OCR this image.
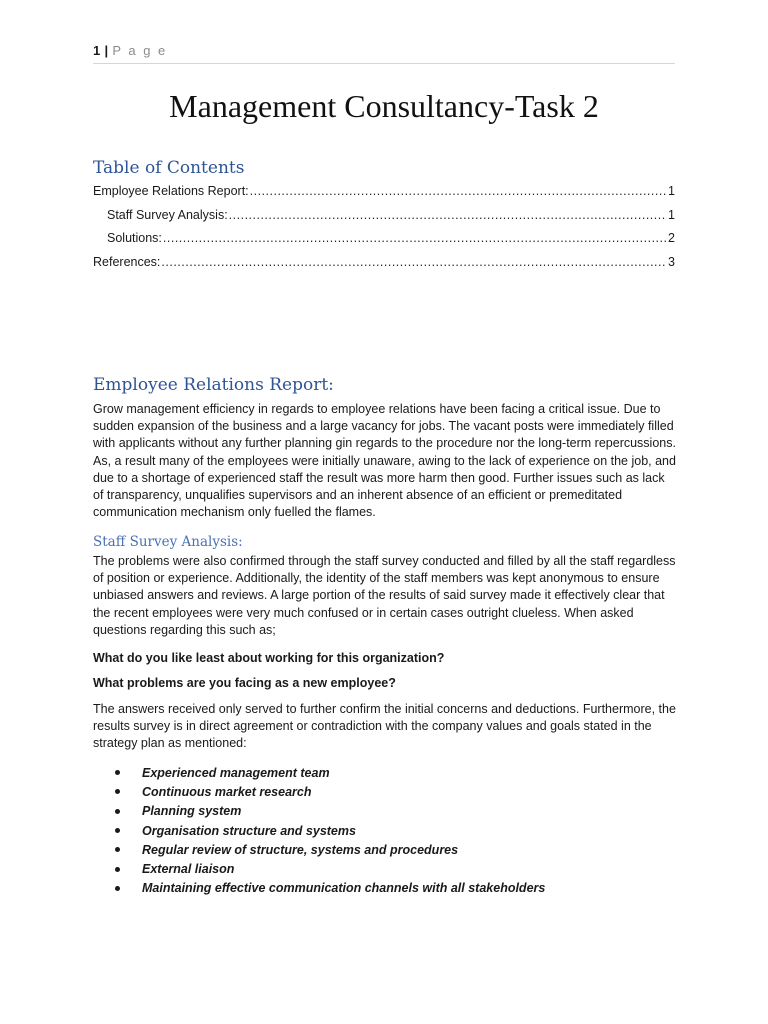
1 | P a g e
Management Consultancy-Task 2
Table of Contents
Employee Relations Report: .....	1
Staff Survey Analysis: .....	1
Solutions: .....	2
References: .....	3
Employee Relations Report:
Grow management efficiency in regards to employee relations have been facing a critical issue. Due to sudden expansion of the business and a large vacancy for jobs. The vacant posts were immediately filled with applicants without any further planning gin regards to the procedure nor the long-term repercussions. As, a result many of the employees were initially unaware, awing to the lack of experience on the job, and due to a shortage of experienced staff the result was more harm then good. Further issues such as lack of transparency, unqualifies supervisors and an inherent absence of an efficient or premeditated communication mechanism only fuelled the flames.
Staff Survey Analysis:
The problems were also confirmed through the staff survey conducted and filled by all the staff regardless of position or experience. Additionally, the identity of the staff members was kept anonymous to ensure unbiased answers and reviews. A large portion of the results of said survey made it effectively clear that the recent employees were very much confused or in certain cases outright clueless. When asked questions regarding this such as;
What do you like least about working for this organization?
What problems are you facing as a new employee?
The answers received only served to further confirm the initial concerns and deductions. Furthermore, the results survey is in direct agreement or contradiction with the company values and goals stated in the strategy plan as mentioned:
Experienced management team
Continuous market research
Planning system
Organisation structure and systems
Regular review of structure, systems and procedures
External liaison
Maintaining effective communication channels with all stakeholders
